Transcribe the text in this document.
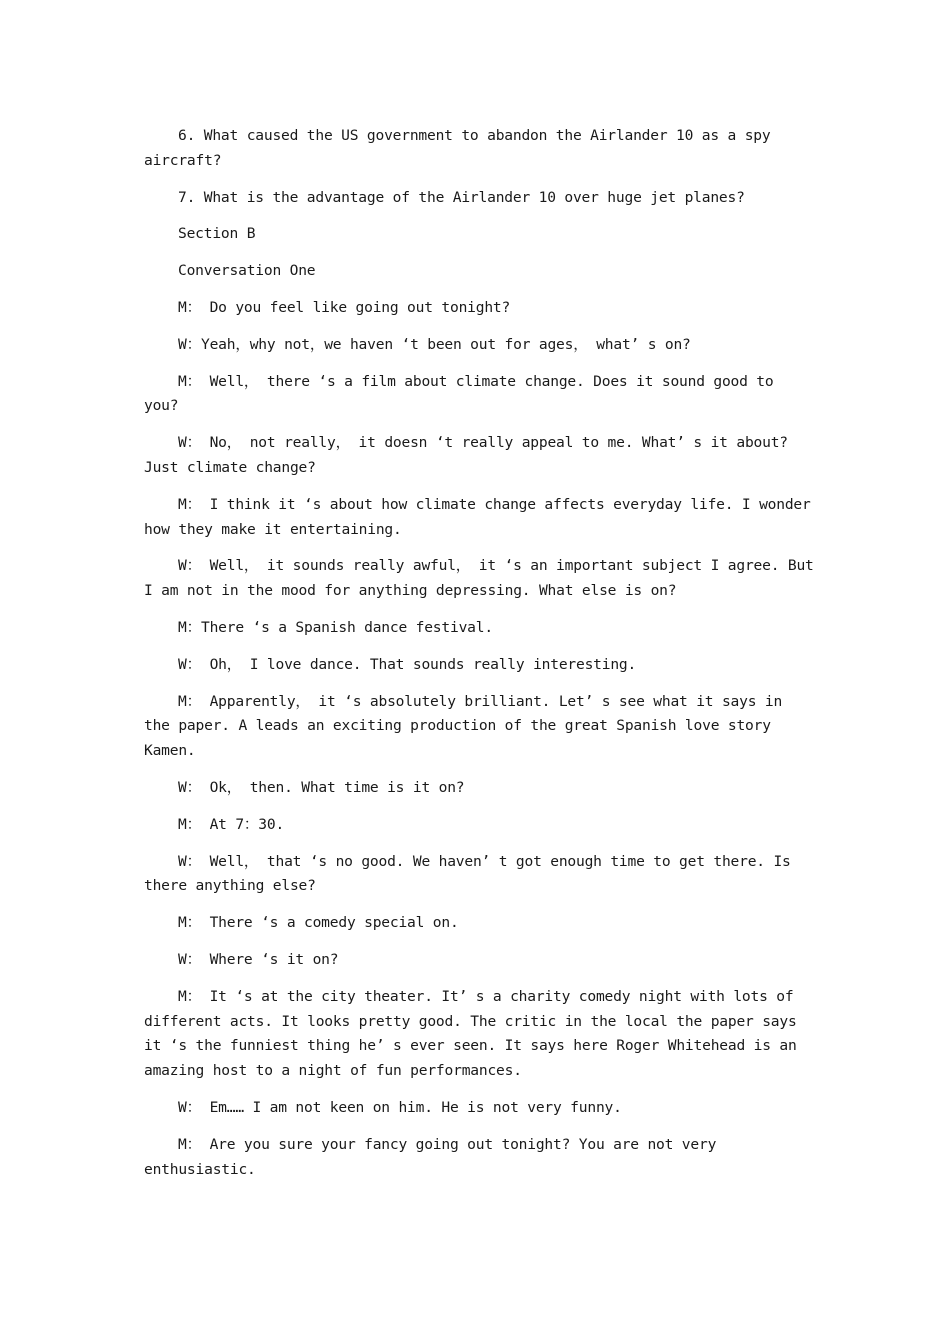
6. What caused the US government to abandon the Airlander 10 as a spy aircraft?

7. What is the advantage of the Airlander 10 over huge jet planes?

Section B

Conversation One

M： Do you feel like going out tonight?

W：Yeah，why not，we haven ‘t been out for ages， what’ s on?

M： Well， there ‘s a film about climate change. Does it sound good to you?

W： No， not really， it doesn ‘t really appeal to me. What’ s it about? Just climate change?

M： I think it ‘s about how climate change affects everyday life. I wonder how they make it entertaining.

W： Well， it sounds really awful， it ‘s an important subject I agree. But I am not in the mood for anything depressing. What else is on?

M：There ‘s a Spanish dance festival.

W： Oh， I love dance. That sounds really interesting.

M： Apparently， it ‘s absolutely brilliant. Let’ s see what it says in the paper. A leads an exciting production of the great Spanish love story Kamen.

W： Ok， then. What time is it on?

M： At 7：30.

W： Well， that ‘s no good. We haven’ t got enough time to get there. Is there anything else?

M： There ‘s a comedy special on.

W： Where ‘s it on?

M： It ‘s at the city theater. It’ s a charity comedy night with lots of different acts. It looks pretty good. The critic in the local the paper says it ‘s the funniest thing he’ s ever seen. It says here Roger Whitehead is an amazing host to a night of fun performances.

W： Em…… I am not keen on him. He is not very funny.

M： Are you sure your fancy going out tonight? You are not very enthusiastic.
